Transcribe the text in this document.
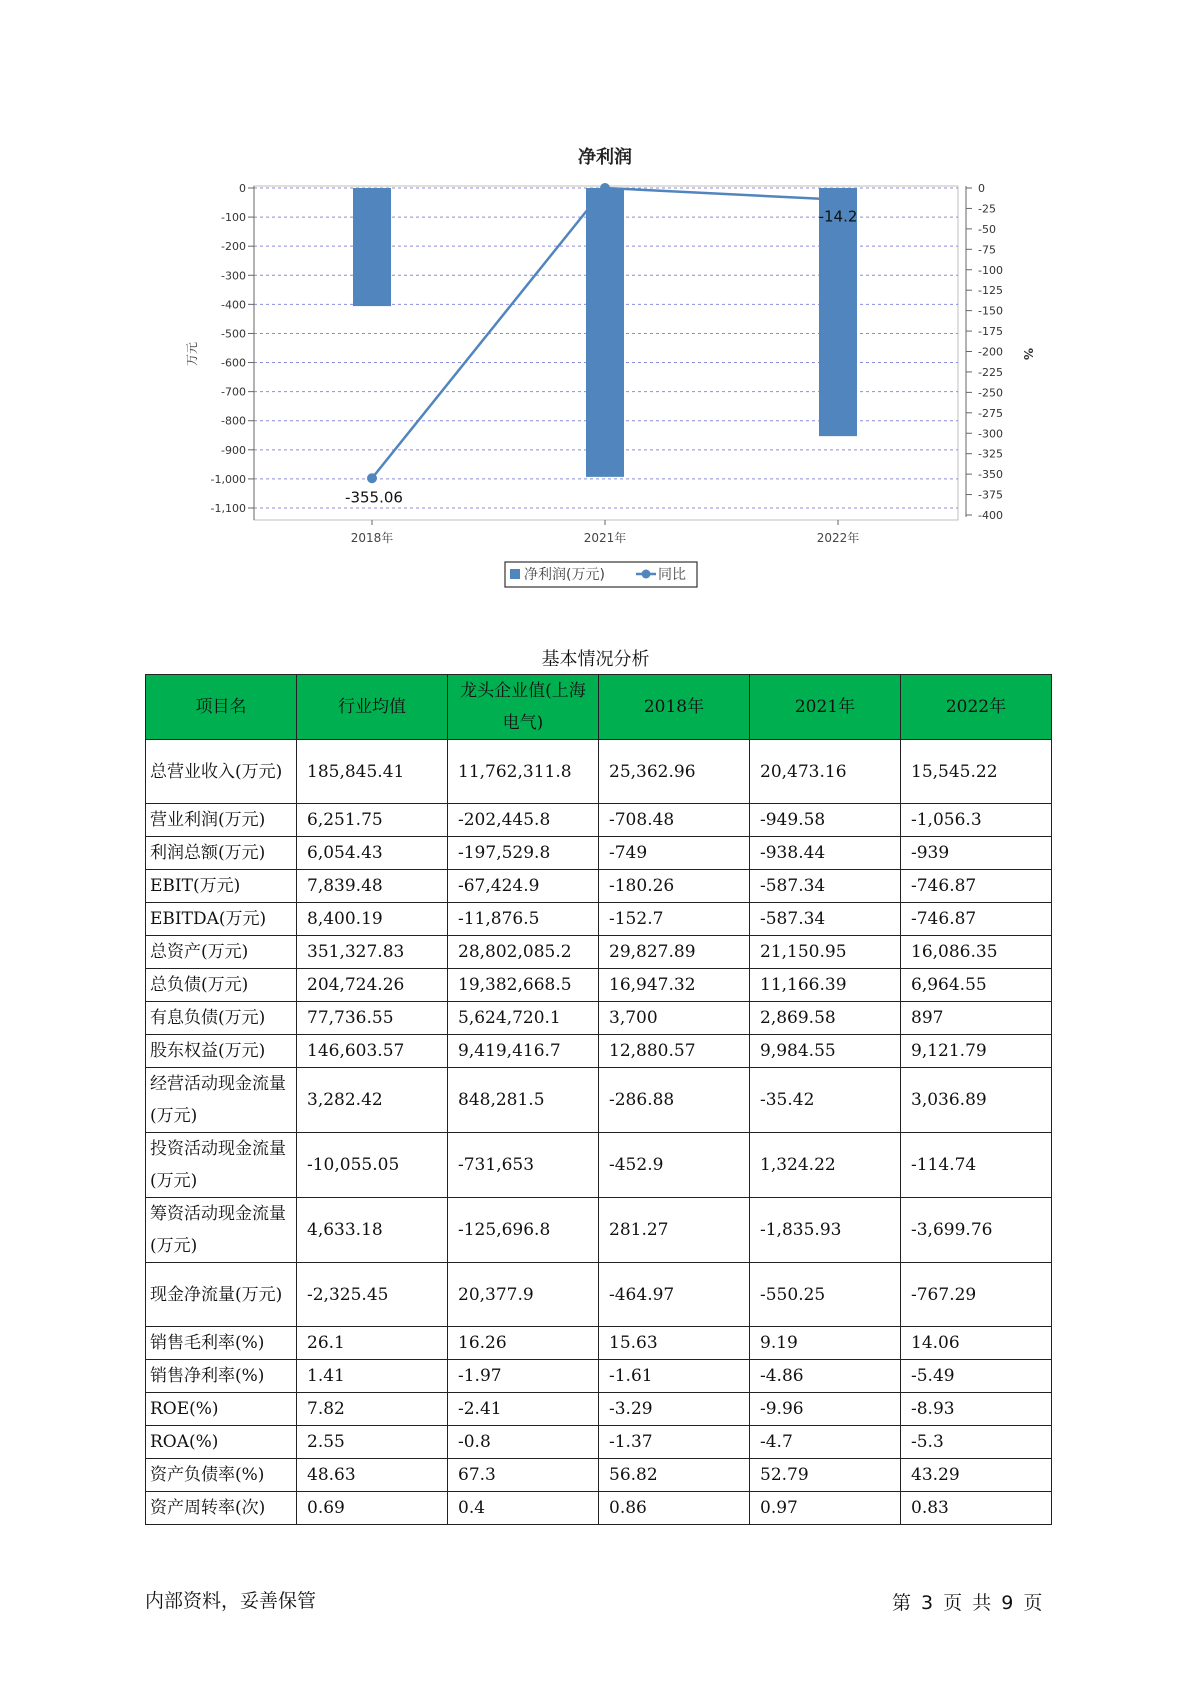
净利润
0
-100
-200
-300
-400
-500
-600
-700
-800
-900
-1,000
-1,100
0
-25
-50
-75
-100
-125
-150
-175
-200
-225
-250
-275
-300
-325
-350
-375
-400
万元	%
2018年	2021年	2022年
-355.06
-14.2
净利润(万元)	同比
基本情况分析
项目名	行业均值	龙头企业值(上海电气)	2018年	2021年	2022年
总营业收入(万元)	185,845.41	11,762,311.8	25,362.96	20,473.16	15,545.22
营业利润(万元)	6,251.75	-202,445.8	-708.48	-949.58	-1,056.3
利润总额(万元)	6,054.43	-197,529.8	-749	-938.44	-939
EBIT(万元)	7,839.48	-67,424.9	-180.26	-587.34	-746.87
EBITDA(万元)	8,400.19	-11,876.5	-152.7	-587.34	-746.87
总资产(万元)	351,327.83	28,802,085.2	29,827.89	21,150.95	16,086.35
总负债(万元)	204,724.26	19,382,668.5	16,947.32	11,166.39	6,964.55
有息负债(万元)	77,736.55	5,624,720.1	3,700	2,869.58	897
股东权益(万元)	146,603.57	9,419,416.7	12,880.57	9,984.55	9,121.79
经营活动现金流量(万元)	3,282.42	848,281.5	-286.88	-35.42	3,036.89
投资活动现金流量(万元)	-10,055.05	-731,653	-452.9	1,324.22	-114.74
筹资活动现金流量(万元)	4,633.18	-125,696.8	281.27	-1,835.93	-3,699.76
现金净流量(万元)	-2,325.45	20,377.9	-464.97	-550.25	-767.29
销售毛利率(%)	26.1	16.26	15.63	9.19	14.06
销售净利率(%)	1.41	-1.97	-1.61	-4.86	-5.49
ROE(%)	7.82	-2.41	-3.29	-9.96	-8.93
ROA(%)	2.55	-0.8	-1.37	-4.7	-5.3
资产负债率(%)	48.63	67.3	56.82	52.79	43.29
资产周转率(次)	0.69	0.4	0.86	0.97	0.83
内部资料，妥善保管	第 3 页 共 9 页
